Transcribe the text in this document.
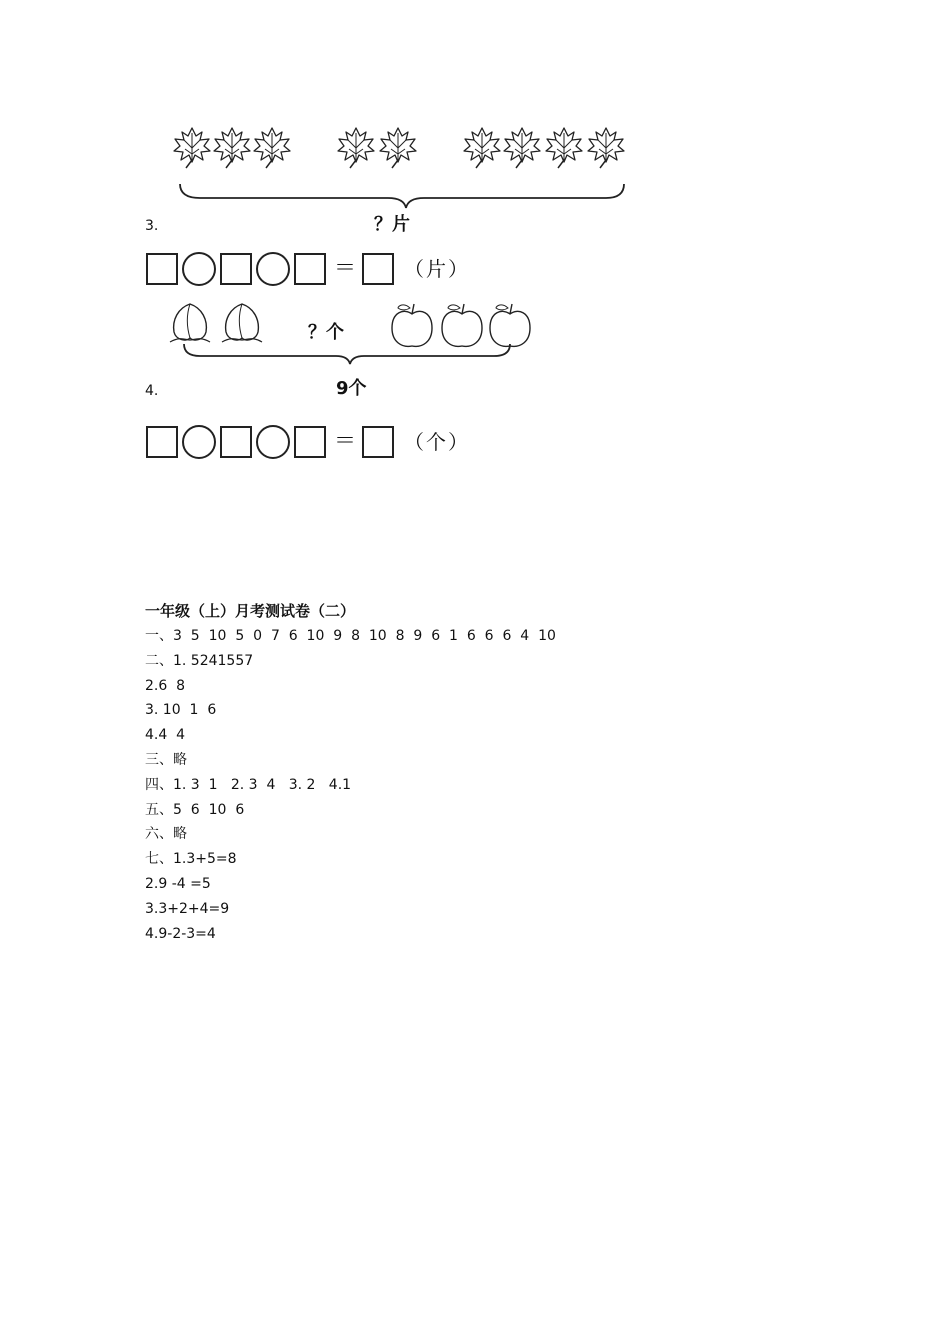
？片
3.
＝ （片）
？个
9个
4.
＝ （个）
一年级（上）月考测试卷（二）
一、3  5  10  5  0  7  6  10  9  8  10  8  9  6  1  6  6  6  4  10
二、1. 5241557
2.6  8
3. 10  1  6
4.4  4
三、略
四、1. 3  1   2. 3  4   3. 2   4.1
五、5  6  10  6
六、略
七、1.3+5=8
2.9 -4 =5
3.3+2+4=9
4.9-2-3=4
